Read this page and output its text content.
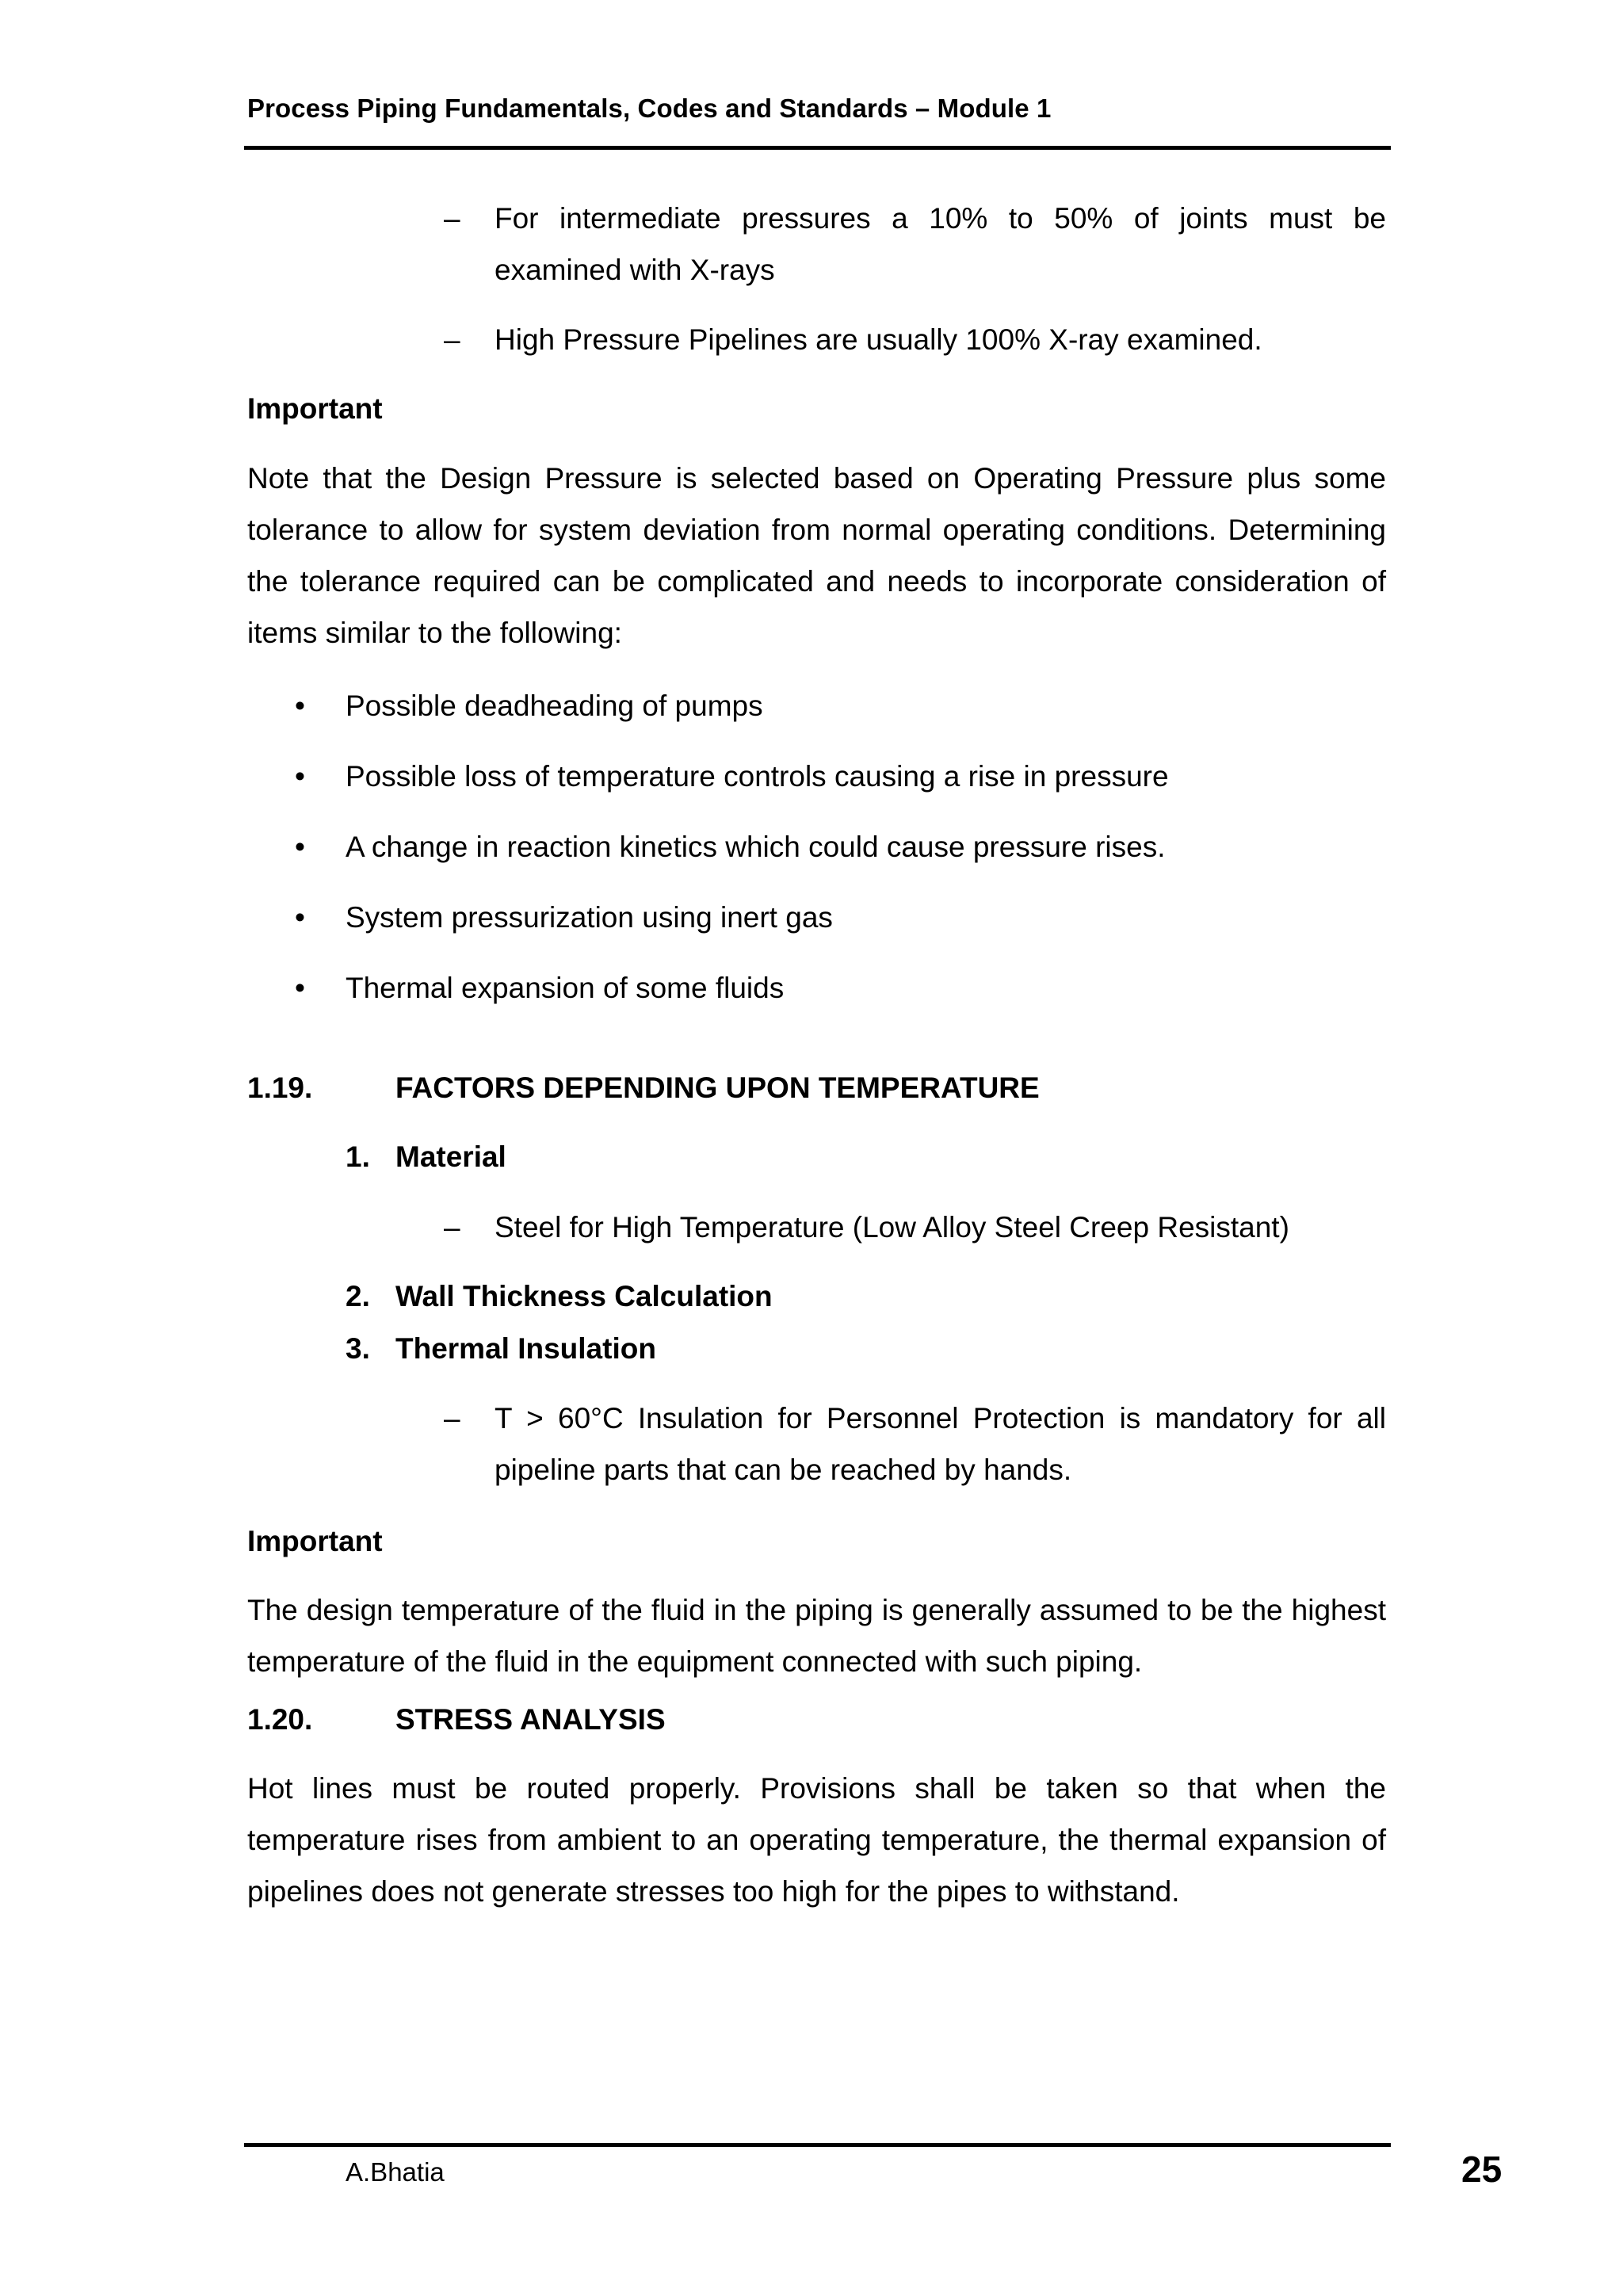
Process Piping Fundamentals, Codes and Standards – Module 1
– For intermediate pressures a 10% to 50% of joints must be examined with X-rays
– High Pressure Pipelines are usually 100% X-ray examined.
Important
Note that the Design Pressure is selected based on Operating Pressure plus some tolerance to allow for system deviation from normal operating conditions. Determining the tolerance required can be complicated and needs to incorporate consideration of items similar to the following:
• Possible deadheading of pumps
• Possible loss of temperature controls causing a rise in pressure
• A change in reaction kinetics which could cause pressure rises.
• System pressurization using inert gas
• Thermal expansion of some fluids
1.19.	FACTORS DEPENDING UPON TEMPERATURE
1. Material
– Steel for High Temperature (Low Alloy Steel Creep Resistant)
2. Wall Thickness Calculation
3. Thermal Insulation
– T > 60°C Insulation for Personnel Protection is mandatory for all pipeline parts that can be reached by hands.
Important
The design temperature of the fluid in the piping is generally assumed to be the highest temperature of the fluid in the equipment connected with such piping.
1.20.	STRESS ANALYSIS
Hot lines must be routed properly. Provisions shall be taken so that when the temperature rises from ambient to an operating temperature, the thermal expansion of pipelines does not generate stresses too high for the pipes to withstand.
A.Bhatia	25
